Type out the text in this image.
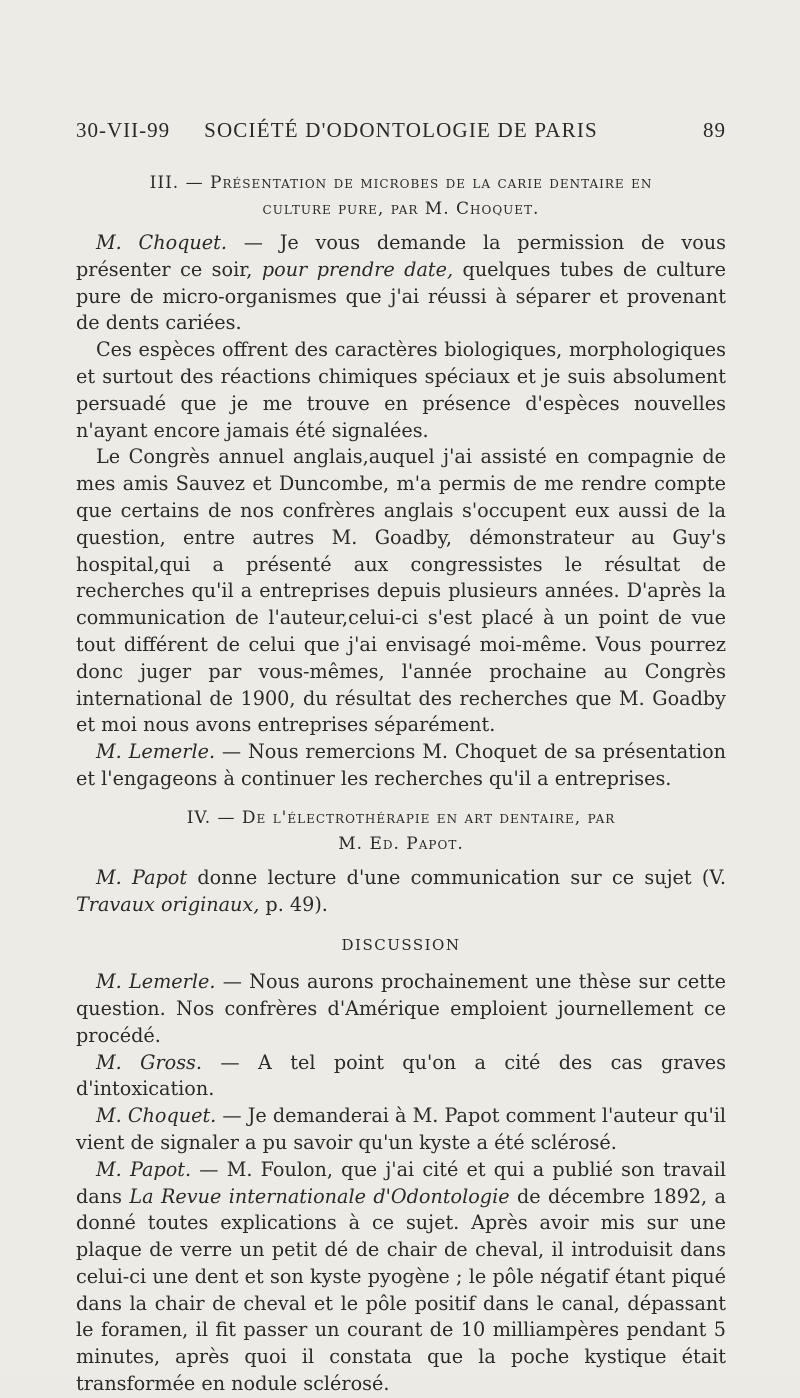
30-VII-99	SOCIÉTÉ D'ODONTOLOGIE DE PARIS	89
III. — Présentation de microbes de la carie dentaire en
culture pure, par M. Choquet.

M. Choquet. — Je vous demande la permission de vous présenter ce soir, pour prendre date, quelques tubes de culture pure de micro-organismes que j'ai réussi à séparer et provenant de dents cariées.

Ces espèces offrent des caractères biologiques, morphologiques et surtout des réactions chimiques spéciaux et je suis absolument persuadé que je me trouve en présence d'espèces nouvelles n'ayant encore jamais été signalées.

Le Congrès annuel anglais,auquel j'ai assisté en compagnie de mes amis Sauvez et Duncombe, m'a permis de me rendre compte que certains de nos confrères anglais s'occupent eux aussi de la question, entre autres M. Goadby, démonstrateur au Guy's hospital,qui a présenté aux congressistes le résultat de recherches qu'il a entreprises depuis plusieurs années. D'après la communication de l'auteur,celui-ci s'est placé à un point de vue tout différent de celui que j'ai envisagé moi-même. Vous pourrez donc juger par vous-mêmes, l'année prochaine au Congrès international de 1900, du résultat des recherches que M. Goadby et moi nous avons entreprises séparément.

M. Lemerle. — Nous remercions M. Choquet de sa présentation et l'engageons à continuer les recherches qu'il a entreprises.

IV. — De l'électrothérapie en art dentaire, par
M. Ed. Papot.

M. Papot donne lecture d'une communication sur ce sujet (V. Travaux originaux, p. 49).

DISCUSSION

M. Lemerle. — Nous aurons prochainement une thèse sur cette question. Nos confrères d'Amérique emploient journellement ce procédé.

M. Gross. — A tel point qu'on a cité des cas graves d'intoxication.

M. Choquet. — Je demanderai à M. Papot comment l'auteur qu'il vient de signaler a pu savoir qu'un kyste a été sclérosé.

M. Papot. — M. Foulon, que j'ai cité et qui a publié son travail dans La Revue internationale d'Odontologie de décembre 1892, a donné toutes explications à ce sujet. Après avoir mis sur une plaque de verre un petit dé de chair de cheval, il introduisit dans celui-ci une dent et son kyste pyogène ; le pôle négatif étant piqué dans la chair de cheval et le pôle positif dans le canal, dépassant le foramen, il fit passer un courant de 10 milliampères pendant 5 minutes, après quoi il constata que la poche kystique était transformée en nodule sclérosé.
